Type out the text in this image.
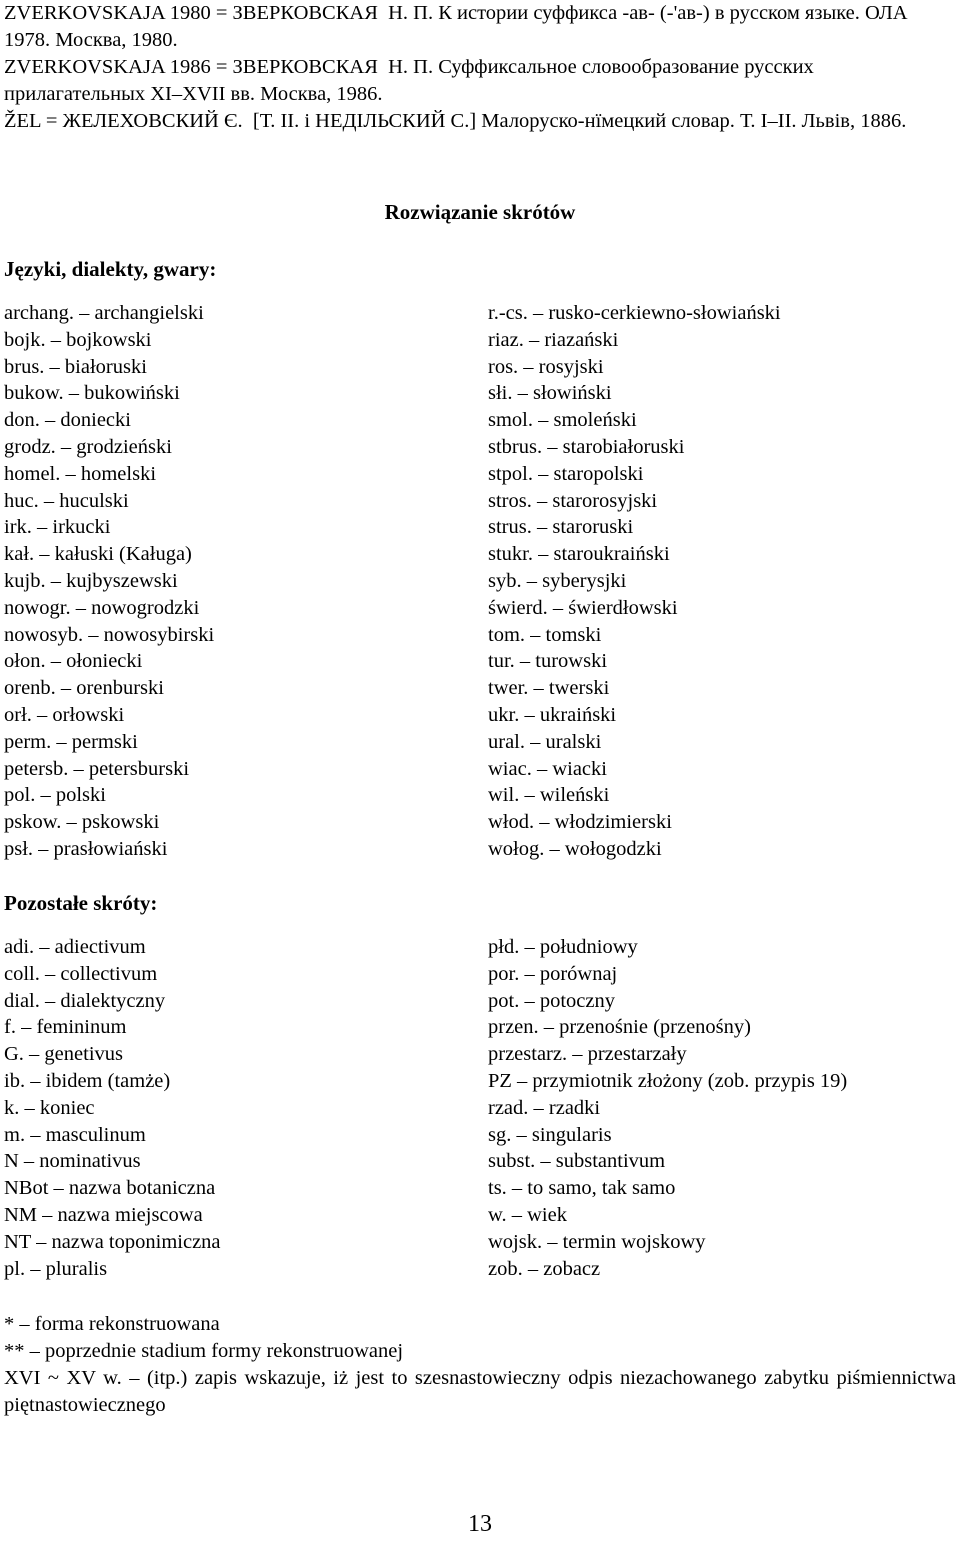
ZVERKOVSKAJA 1980 = ЗВЕРКОВСКАЯ Н. П. К истории суффикса -ав- (-'ав-) в русском языке. ОЛА 1978. Москва, 1980.
ZVERKOVSKAJA 1986 = ЗВЕРКОВСКАЯ Н. П. Суффиксальное словообразование русских прилагательных XI–XVII вв. Москва, 1986.
ŽEL = ЖЕЛЕХОВСКИЙ Є. [Т. II. і НЕДІЛЬСКИЙ С.] Малоруско-нїмецкий словар. Т. I–II. Львів, 1886.
Rozwiązanie skrótów
Języki, dialekty, gwary:
archang. – archangielski
bojk. – bojkowski
brus. – białoruski
bukow. – bukowiński
don. – doniecki
grodz. – grodzieński
homel. – homelski
huc. – huculski
irk. – irkucki
kał. – kałuski (Kaługa)
kujb. – kujbyszewski
nowogr. – nowogrodzki
nowosyb. – nowosybirski
ołon. – ołoniecki
orenb. – orenburski
orł. – orłowski
perm. – permski
petersb. – petersburski
pol. – polski
pskow. – pskowski
psł. – prasłowiański
r.-cs. – rusko-cerkiewno-słowiański
riaz. – riazański
ros. – rosyjski
słi. – słowiński
smol. – smoleński
stbrus. – starobiałoruski
stpol. – staropolski
stros. – starorosyjski
strus. – staroruski
stukr. – staroukraiński
syb. – syberysjki
świerd. – świerdłowski
tom. – tomski
tur. – turowski
twer. – twerski
ukr. – ukraiński
ural. – uralski
wiac. – wiacki
wil. – wileński
włod. – włodzimierski
wołog. – wołogodzki
Pozostałe skróty:
adi. – adiectivum
coll. – collectivum
dial. – dialektyczny
f. – femininum
G. – genetivus
ib. – ibidem (tamże)
k. – koniec
m. – masculinum
N – nominativus
NBot – nazwa botaniczna
NM – nazwa miejscowa
NT – nazwa toponimiczna
pl. – pluralis
płd. – południowy
por. – porównaj
pot. – potoczny
przen. – przenośnie (przenośny)
przestarz. – przestarzały
PZ – przymiotnik złożony (zob. przypis 19)
rzad. – rzadki
sg. – singularis
subst. – substantivum
ts. – to samo, tak samo
w. – wiek
wojsk. – termin wojskowy
zob. – zobacz
* – forma rekonstruowana
** – poprzednie stadium formy rekonstruowanej
XVI ~ XV w. – (itp.) zapis wskazuje, iż jest to szesnastowieczny odpis niezachowanego zabytku piśmiennictwa piętnastowiecznego
13
